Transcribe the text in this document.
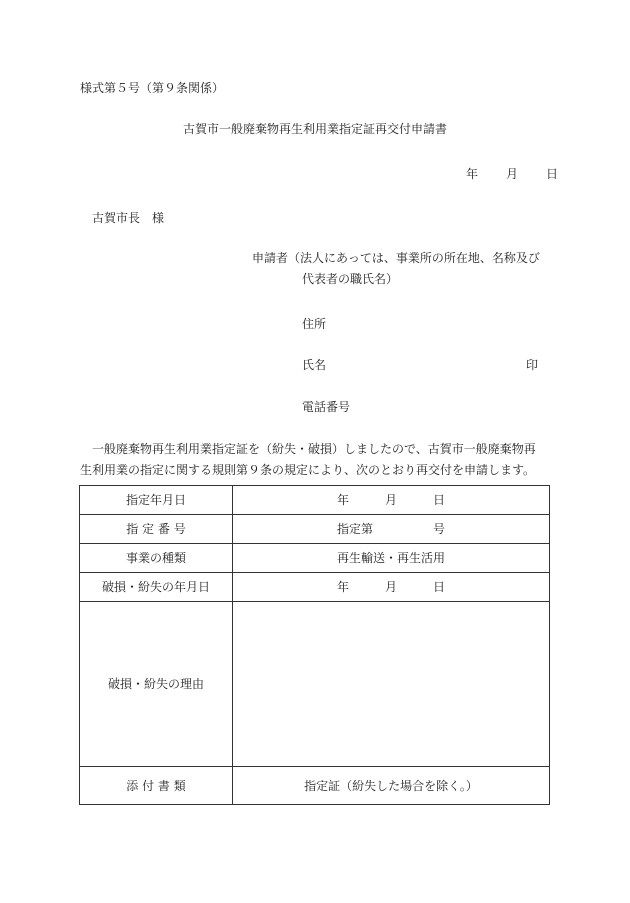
様式第５号（第９条関係）
古賀市一般廃棄物再生利用業指定証再交付申請書
年 月 日
古賀市長　様
申請者（法人にあっては、事業所の所在地、名称及び
代表者の職氏名）
住所
氏名	印
電話番号
一般廃棄物再生利用業指定証を（紛失・破損）しましたので、古賀市一般廃棄物再
生利用業の指定に関する規則第９条の規定により、次のとおり再交付を申請します。
指定年月日	年 月 日
指 定 番 号	指定第 号
事業の種類	再生輸送・再生活用
破損・紛失の年月日	年 月 日
破損・紛失の理由	
添 付 書 類	指定証（紛失した場合を除く。）
